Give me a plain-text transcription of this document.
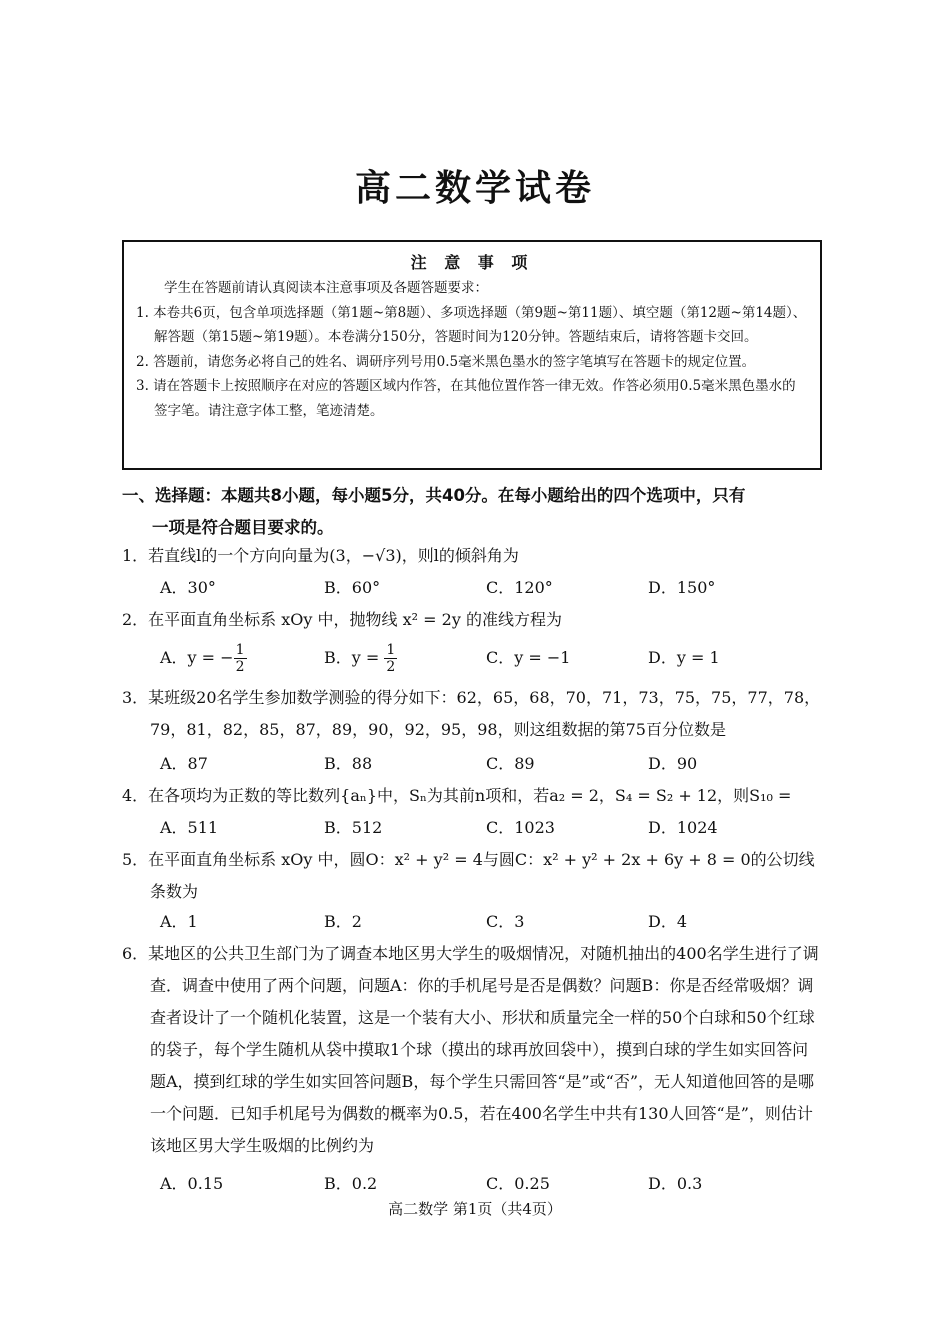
高二数学试卷
注 意 事 项
学生在答题前请认真阅读本注意事项及各题答题要求：
1. 本卷共6页，包含单项选择题（第1题~第8题）、多项选择题（第9题~第11题）、填空题（第12题~第14题）、解答题（第15题~第19题）。本卷满分150分，答题时间为120分钟。答题结束后，请将答题卡交回。
2. 答题前，请您务必将自己的姓名、调研序列号用0.5毫米黑色墨水的签字笔填写在答题卡的规定位置。
3. 请在答题卡上按照顺序在对应的答题区域内作答，在其他位置作答一律无效。作答必须用0.5毫米黑色墨水的签字笔。请注意字体工整，笔迹清楚。
一、选择题：本题共8小题，每小题5分，共40分。在每小题给出的四个选项中，只有
一项是符合题目要求的。
1．若直线l的一个方向向量为(3，−√3)，则l的倾斜角为
A．30°	B．60°	C．120°	D．150°
2．在平面直角坐标系 xOy 中，抛物线 x² = 2y 的准线方程为
A．y = − $\frac{1}{2}$	B．$y = \frac{1}{2}$	C．y = −1	D．y = 1
3．某班级20名学生参加数学测验的得分如下：62，65，68，70，71，73，75，75，77，78，79，81，82，85，87，89，90，92，95，98，则这组数据的第75百分位数是
A．87	B．88	C．89	D．90
4．在各项均为正数的等比数列{aₙ}中，Sₙ为其前n项和，若a₂ = 2，S₄ = S₂ + 12，则S₁₀ =
A．511	B．512	C．1023	D．1024
5．在平面直角坐标系 xOy 中，圆O：x² + y² = 4与圆C：x² + y² + 2x + 6y + 8 = 0的公切线条数为
A．1	B．2	C．3	D．4
6．某地区的公共卫生部门为了调查本地区男大学生的吸烟情况，对随机抽出的400名学生进行了调查．调查中使用了两个问题，问题A：你的手机尾号是否是偶数？问题B：你是否经常吸烟？调查者设计了一个随机化装置，这是一个装有大小、形状和质量完全一样的50个白球和50个红球的袋子，每个学生随机从袋中摸取1个球（摸出的球再放回袋中），摸到白球的学生如实回答问题A，摸到红球的学生如实回答问题B，每个学生只需回答“是”或“否”，无人知道他回答的是哪一个问题．已知手机尾号为偶数的概率为0.5，若在400名学生中共有130人回答“是”，则估计该地区男大学生吸烟的比例约为
A．0.15	B．0.2	C．0.25	D．0.3
高二数学 第1页（共4页）
